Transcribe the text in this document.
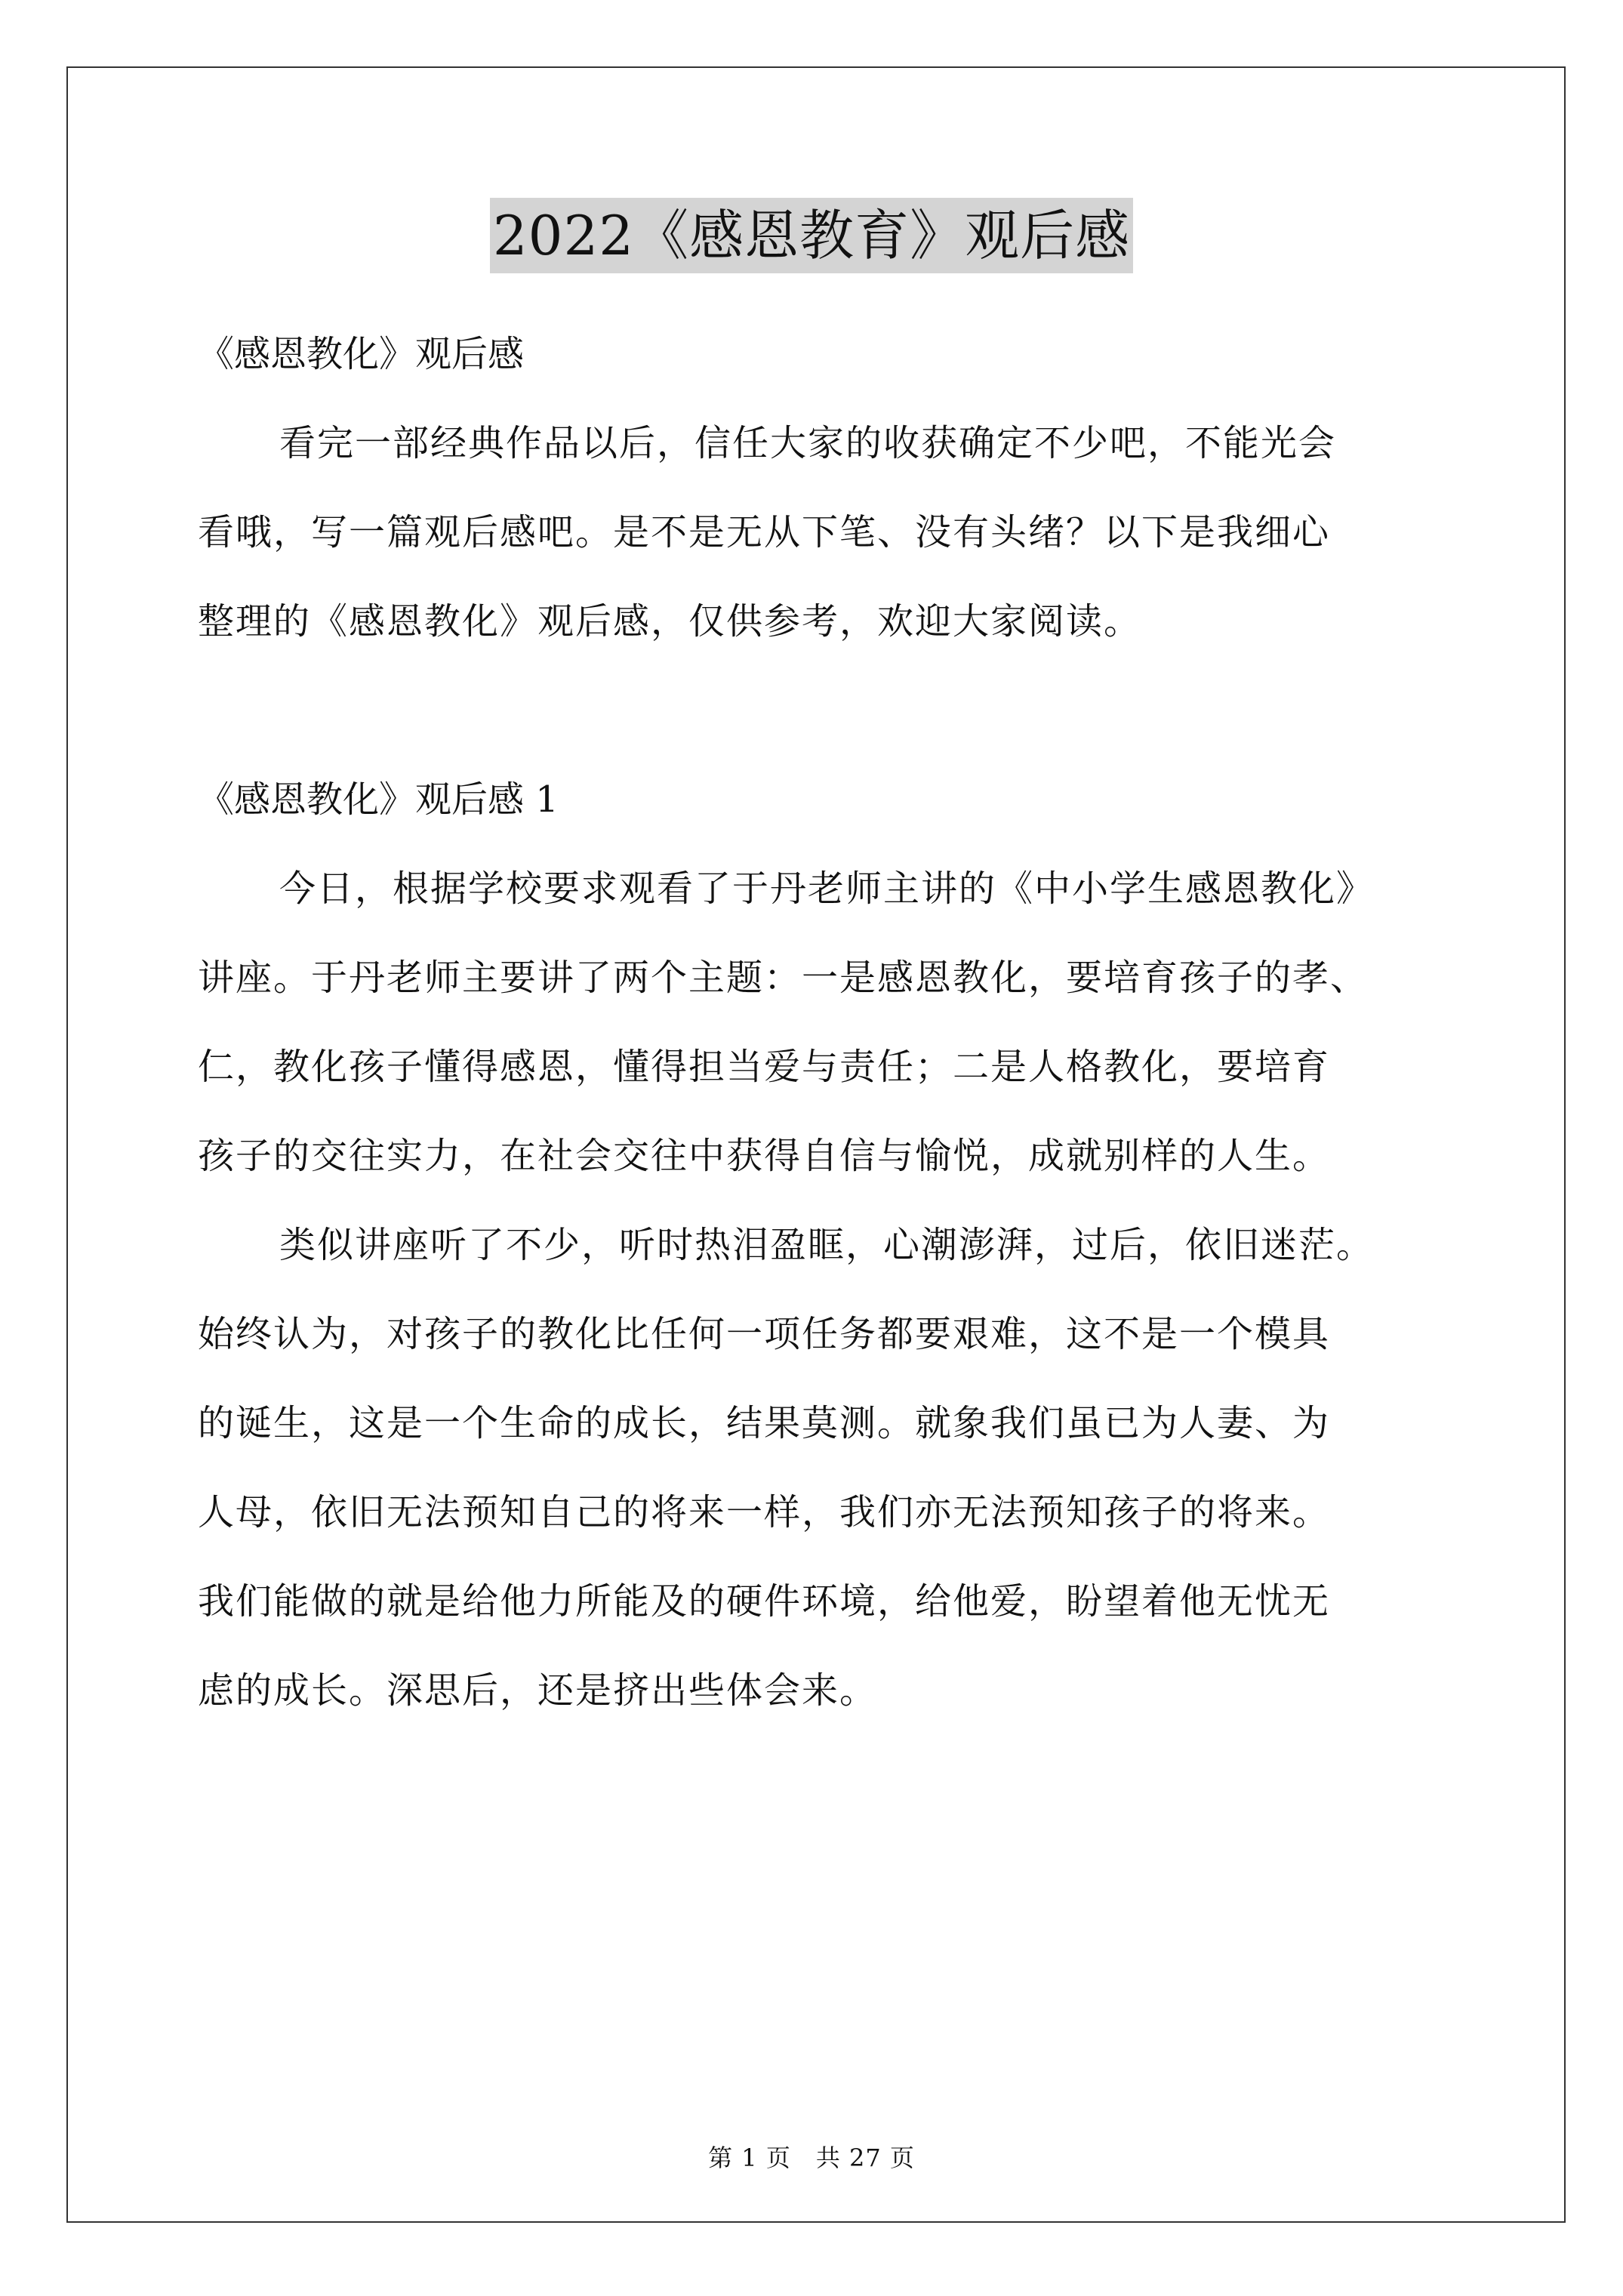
2022《感恩教育》观后感
《感恩教化》观后感
看完一部经典作品以后，信任大家的收获确定不少吧，不能光会
看哦，写一篇观后感吧。是不是无从下笔、没有头绪？以下是我细心
整理的《感恩教化》观后感，仅供参考，欢迎大家阅读。
《感恩教化》观后感 1
今日，根据学校要求观看了于丹老师主讲的《中小学生感恩教化》
讲座。于丹老师主要讲了两个主题：一是感恩教化，要培育孩子的孝、
仁，教化孩子懂得感恩，懂得担当爱与责任；二是人格教化，要培育
孩子的交往实力，在社会交往中获得自信与愉悦，成就别样的人生。
类似讲座听了不少，听时热泪盈眶，心潮澎湃，过后，依旧迷茫。
始终认为，对孩子的教化比任何一项任务都要艰难，这不是一个模具
的诞生，这是一个生命的成长，结果莫测。就象我们虽已为人妻、为
人母，依旧无法预知自己的将来一样，我们亦无法预知孩子的将来。
我们能做的就是给他力所能及的硬件环境，给他爱，盼望着他无忧无
虑的成长。深思后，还是挤出些体会来。
第 1 页　共 27 页
